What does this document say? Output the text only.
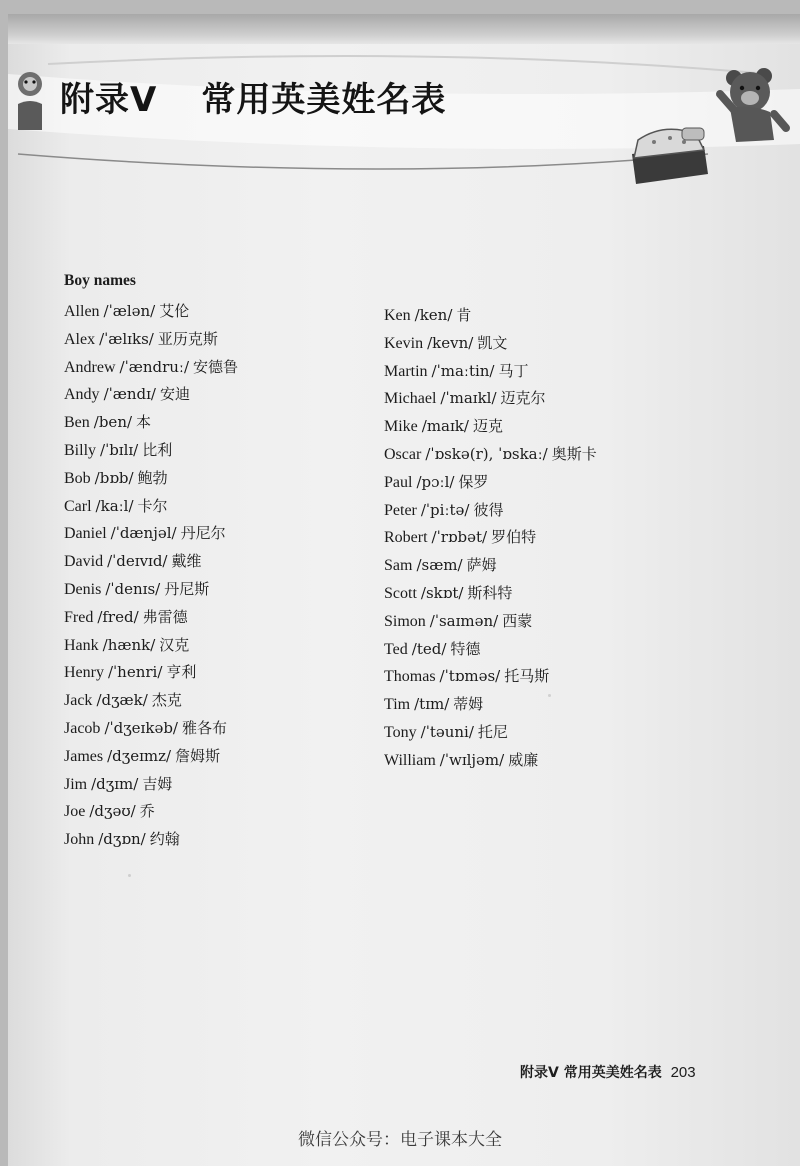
附录Ⅴ 常用英美姓名表
Boy names
Allen /ˈælən/ 艾伦
Alex /ˈælɪks/ 亚历克斯
Andrew /ˈændruː/ 安德鲁
Andy /ˈændɪ/ 安迪
Ben /ben/ 本
Billy /ˈbɪlɪ/ 比利
Bob /bɒb/ 鲍勃
Carl /kaːl/ 卡尔
Daniel /ˈdænjəl/ 丹尼尔
David /ˈdeɪvɪd/ 戴维
Denis /ˈdenɪs/ 丹尼斯
Fred /fred/ 弗雷德
Hank /hænk/ 汉克
Henry /ˈhenri/ 亨利
Jack /dʒæk/ 杰克
Jacob /ˈdʒeɪkəb/ 雅各布
James /dʒeɪmz/ 詹姆斯
Jim /dʒɪm/ 吉姆
Joe /dʒəʊ/ 乔
John /dʒɒn/ 约翰
Ken /ken/ 肯
Kevin /kevn/ 凯文
Martin /ˈmaːtin/ 马丁
Michael /ˈmaɪkl/ 迈克尔
Mike /maɪk/ 迈克
Oscar /ˈɒskə(r), ˈɒskaː/ 奥斯卡
Paul /pɔːl/ 保罗
Peter /ˈpiːtə/ 彼得
Robert /ˈrɒbət/ 罗伯特
Sam /sæm/ 萨姆
Scott /skɒt/ 斯科特
Simon /ˈsaɪmən/ 西蒙
Ted /ted/ 特德
Thomas /ˈtɒməs/ 托马斯
Tim /tɪm/ 蒂姆
Tony /ˈtəuni/ 托尼
William /ˈwɪljəm/ 威廉
附录Ⅴ 常用英美姓名表 203
微信公众号：电子课本大全
